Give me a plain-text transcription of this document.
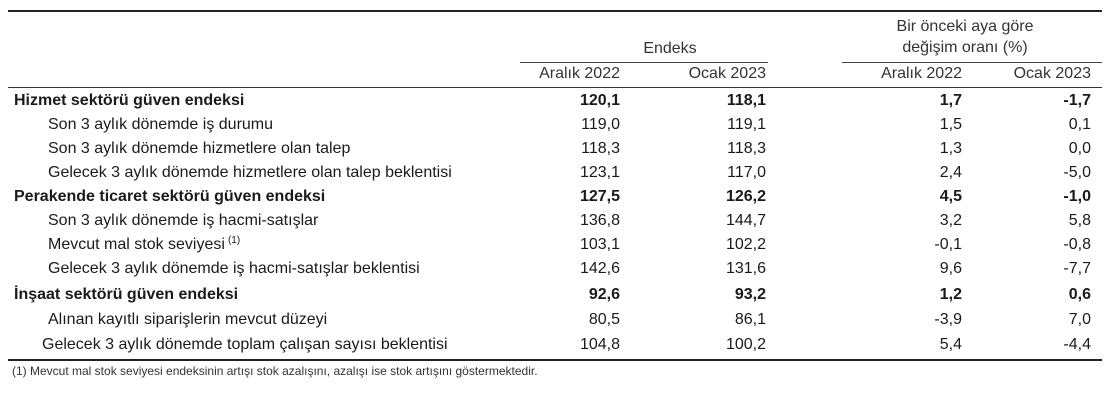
Endeks
Bir önceki aya göre
değişim oranı (%)
Aralık 2022	Ocak 2023	Aralık 2022	Ocak 2023
Hizmet sektörü güven endeksi	120,1	118,1	1,7	-1,7
Son 3 aylık dönemde iş durumu	119,0	119,1	1,5	0,1
Son 3 aylık dönemde hizmetlere olan talep	118,3	118,3	1,3	0,0
Gelecek 3 aylık dönemde hizmetlere olan talep beklentisi	123,1	117,0	2,4	-5,0
Perakende ticaret sektörü güven endeksi	127,5	126,2	4,5	-1,0
Son 3 aylık dönemde iş hacmi-satışlar	136,8	144,7	3,2	5,8
Mevcut mal stok seviyesi $^{(1)}$	103,1	102,2	-0,1	-0,8
Gelecek 3 aylık dönemde iş hacmi-satışlar beklentisi	142,6	131,6	9,6	-7,7
İnşaat sektörü güven endeksi	92,6	93,2	1,2	0,6
Alınan kayıtlı siparişlerin mevcut düzeyi	80,5	86,1	-3,9	7,0
Gelecek 3 aylık dönemde toplam çalışan sayısı beklentisi	104,8	100,2	5,4	-4,4
(1) Mevcut mal stok seviyesi endeksinin artışı stok azalışını, azalışı ise stok artışını göstermektedir.
